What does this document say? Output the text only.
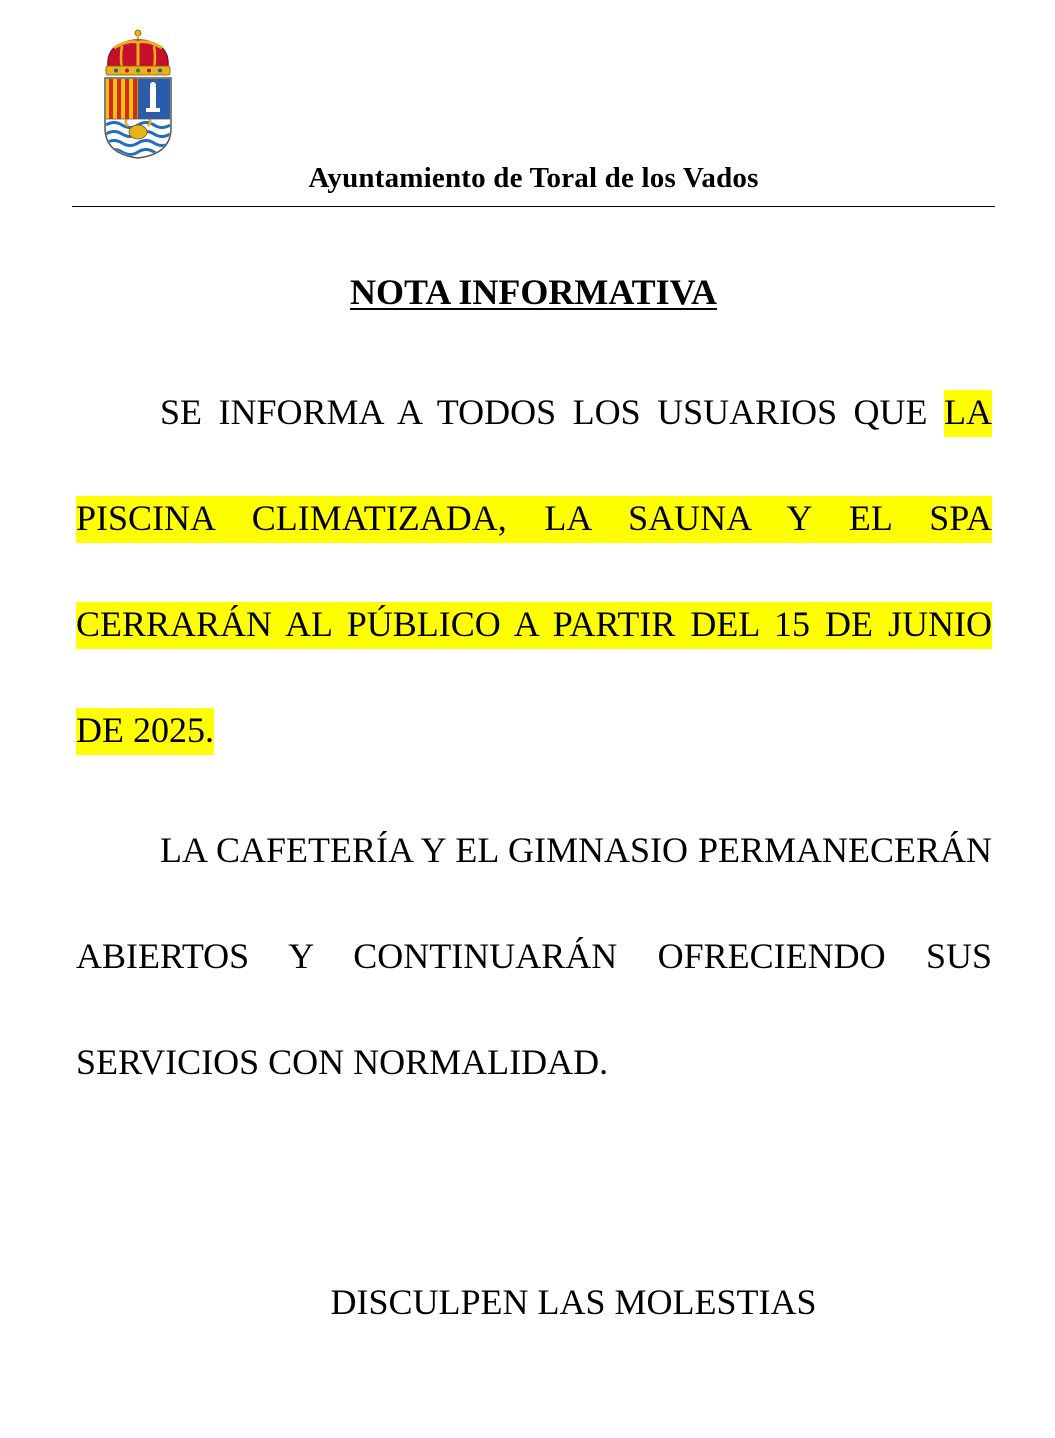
Ayuntamiento de Toral de los Vados
NOTA INFORMATIVA

SE INFORMA A TODOS LOS USUARIOS QUE LA PISCINA CLIMATIZADA, LA SAUNA Y EL SPA CERRARÁN AL PÚBLICO A PARTIR DEL 15 DE JUNIO DE 2025.

LA CAFETERÍA Y EL GIMNASIO PERMANECERÁN ABIERTOS Y CONTINUARÁN OFRECIENDO SUS SERVICIOS CON NORMALIDAD.

DISCULPEN LAS MOLESTIAS
